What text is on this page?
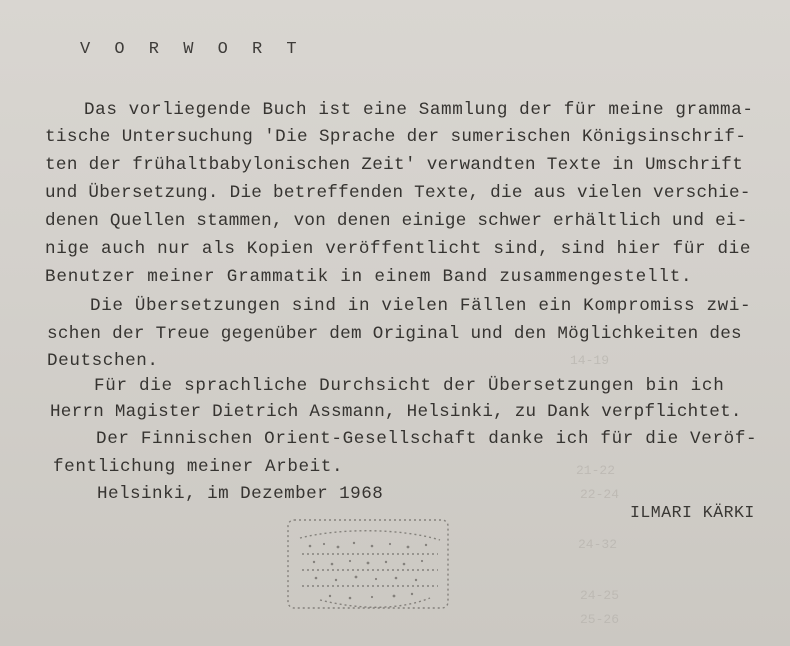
V O R W O R T
Das vorliegende Buch ist eine Sammlung der für meine gramma-
tische Untersuchung 'Die Sprache der sumerischen Königsinschrif-
ten der frühaltbabylonischen Zeit' verwandten Texte in Umschrift
und Übersetzung. Die betreffenden Texte, die aus vielen verschie-
denen Quellen stammen, von denen einige schwer erhältlich und ei-
nige auch nur als Kopien veröffentlicht sind, sind hier für die
Benutzer meiner Grammatik in einem Band zusammengestellt.
Die Übersetzungen sind in vielen Fällen ein Kompromiss zwi-
schen der Treue gegenüber dem Original und den Möglichkeiten des
Deutschen.
Für die sprachliche Durchsicht der Übersetzungen bin ich
Herrn Magister Dietrich Assmann, Helsinki, zu Dank verpflichtet.
Der Finnischen Orient-Gesellschaft danke ich für die Veröf-
fentlichung meiner Arbeit.
Helsinki, im Dezember 1968
ILMARI KÄRKI
14-19
21-22
22-24
24-32
24-25
25-26
